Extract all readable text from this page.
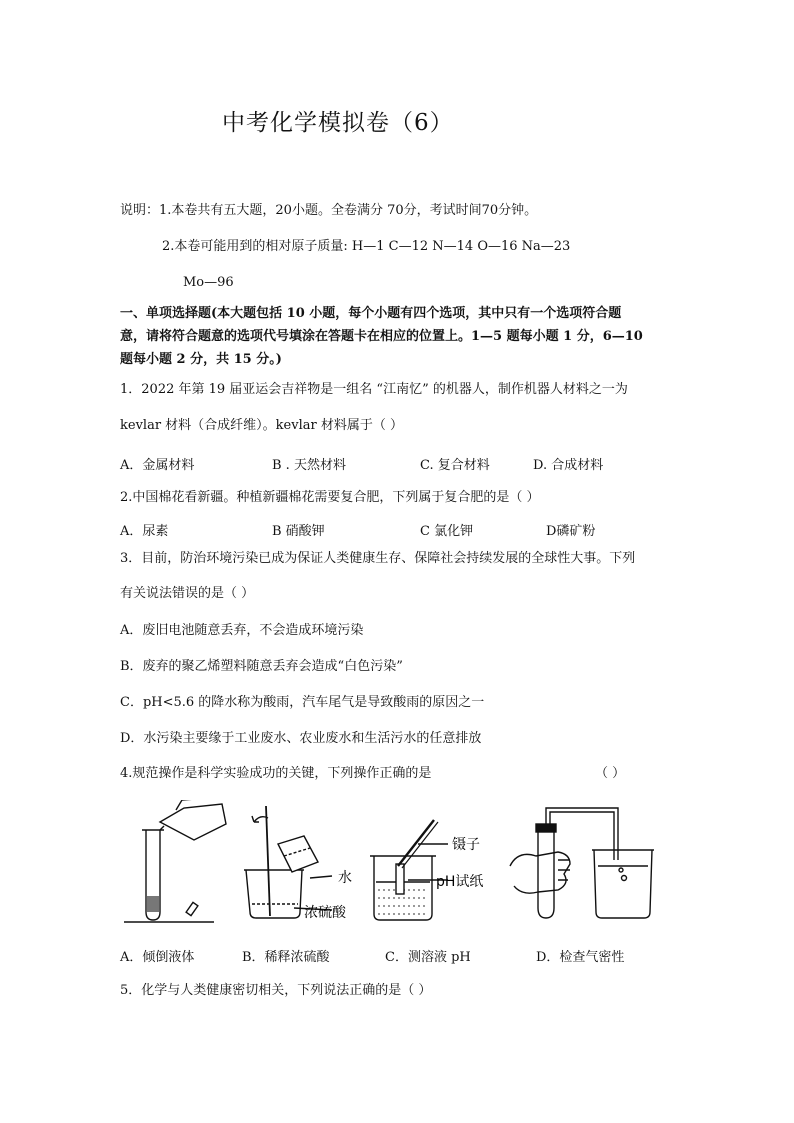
中考化学模拟卷（6）
说明：1.本卷共有五大题，20小题。全卷满分 70分，考试时间70分钟。
2.本卷可能用到的相对原子质量: H—1 C—12 N—14 O—16 Na—23
Mo—96
一、单项选择题(本大题包括 10 小题，每个小题有四个选项，其中只有一个选项符合题
意，请将符合题意的选项代号填涂在答题卡在相应的位置上。1—5 题每小题 1 分，6—10
题每小题 2 分，共 15 分。)
1．2022 年第 19 届亚运会吉祥物是一组名 “江南忆” 的机器人，制作机器人材料之一为
kevlar 材料（合成纤维）。kevlar 材料属于（ ）
A．金属材料	B . 天然材料	C. 复合材料	D. 合成材料
2.中国棉花看新疆。种植新疆棉花需要复合肥，下列属于复合肥的是（ ）
A．尿素	B 硝酸钾	C 氯化钾	D磷矿粉
3．目前，防治环境污染已成为保证人类健康生存、保障社会持续发展的全球性大事。下列
有关说法错误的是（ ）
A．废旧电池随意丢弃，不会造成环境污染
B．废弃的聚乙烯塑料随意丢弃会造成“白色污染”
C．pH<5.6 的降水称为酸雨，汽车尾气是导致酸雨的原因之一
D．水污染主要缘于工业废水、农业废水和生活污水的任意排放
4.规范操作是科学实验成功的关键，下列操作正确的是	（ ）
水
浓硫酸
镊子
pH试纸
A．倾倒液体	B．稀释浓硫酸	C．测溶液 pH	D．检查气密性
5．化学与人类健康密切相关，下列说法正确的是（ ）
